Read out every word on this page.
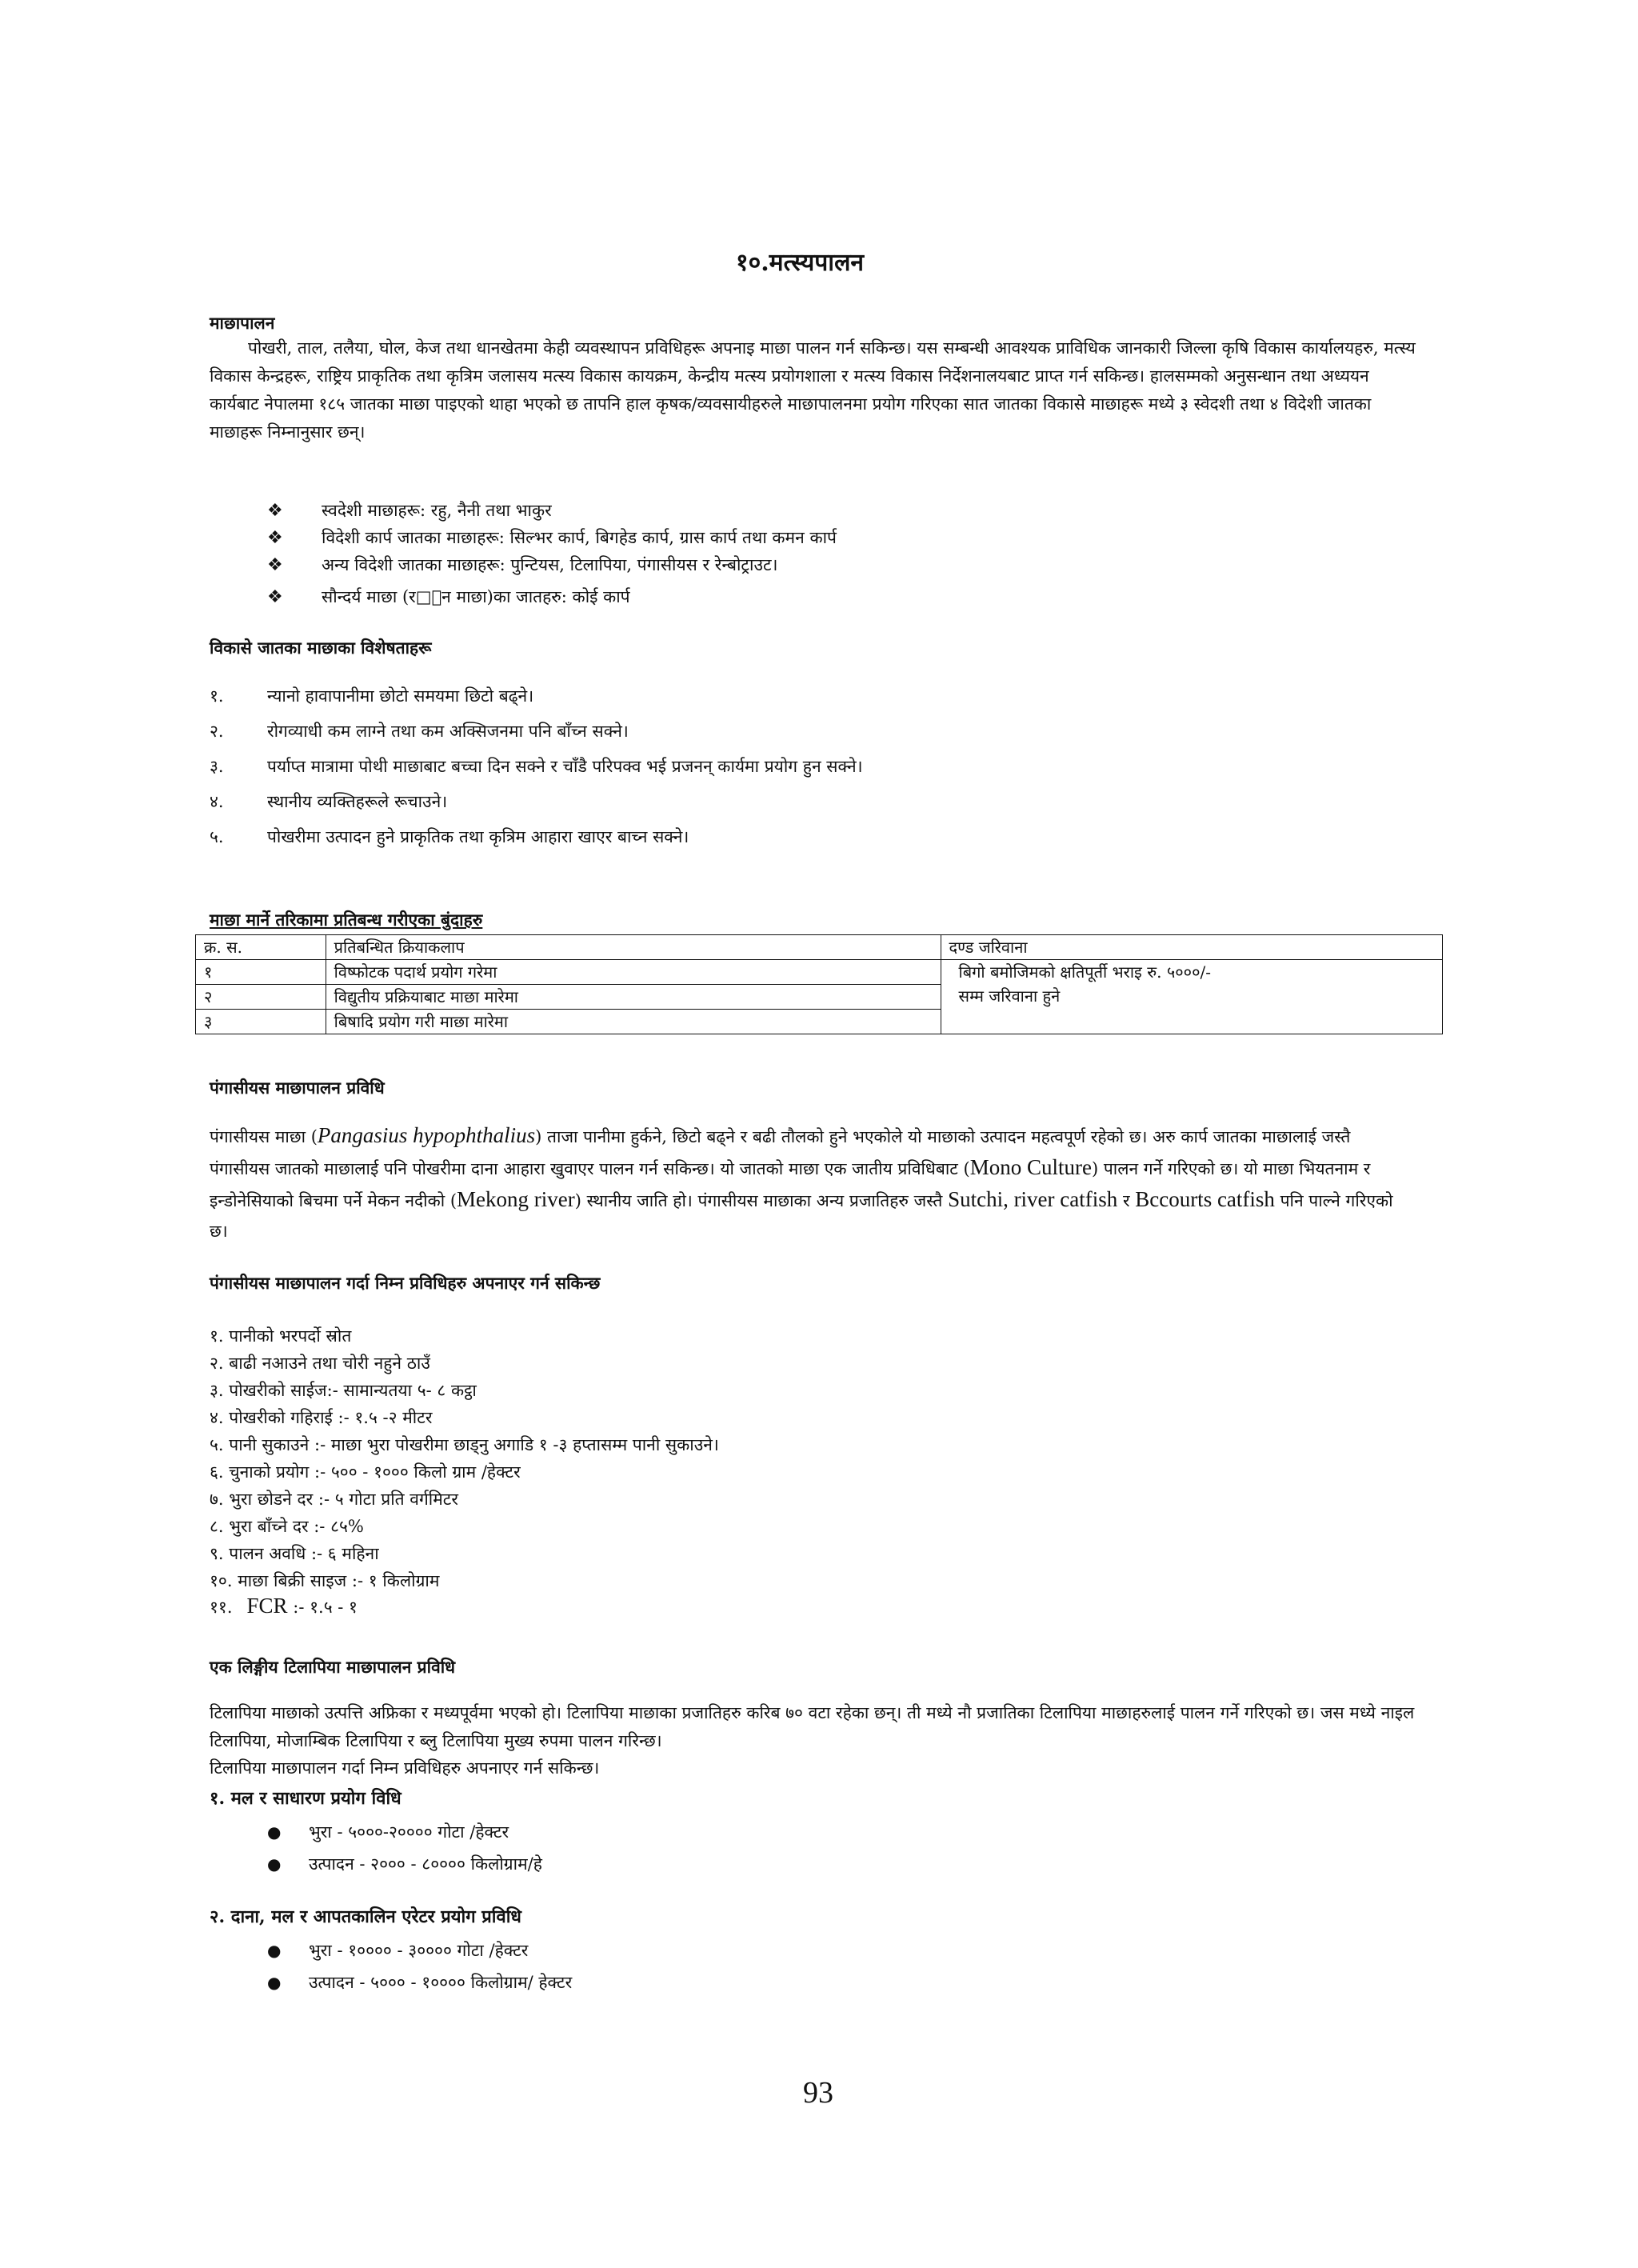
१०.मत्स्यपालन
माछापालन
पोखरी, ताल, तलैया, घोल, केज तथा धानखेतमा केही व्यवस्थापन प्रविधिहरू अपनाइ माछा पालन गर्न सकिन्छ। यस सम्बन्धी आवश्यक प्राविधिक जानकारी जिल्ला कृषि विकास कार्यालयहरु, मत्स्य विकास केन्द्रहरू, राष्ट्रिय प्राकृतिक तथा कृत्रिम जलासय मत्स्य विकास कायक्रम, केन्द्रीय मत्स्य प्रयोगशाला र मत्स्य विकास निर्देशनालयबाट प्राप्त गर्न सकिन्छ। हालसम्मको अनुसन्धान तथा अध्ययन कार्यबाट नेपालमा १८५ जातका माछा पाइएको थाहा भएको छ तापनि हाल कृषक/व्यवसायीहरुले माछापालनमा प्रयोग गरिएका सात जातका विकासे माछाहरू मध्ये ३ स्वेदशी तथा ४ विदेशी जातका माछाहरू निम्नानुसार छन्।
❖ स्वदेशी माछाहरू: रहु, नैनी तथा भाकुर
❖ विदेशी कार्प जातका माछाहरू: सिल्भर कार्प, बिगहेड कार्प, ग्रास कार्प तथा कमन कार्प
❖ अन्य विदेशी जातका माछाहरू: पुन्टियस, टिलापिया, पंगासीयस र रेन्बोट्राउट।
❖ सौन्दर्य माछा (र□िन माछा)का जातहरु: कोई कार्प
विकासे जातका माछाका विशेषताहरू
१.	न्यानो हावापानीमा छोटो समयमा छिटो बढ्ने।
२.	रोगव्याधी कम लाग्ने तथा कम अक्सिजनमा पनि बाँच्न सक्ने।
३.	पर्याप्त मात्रामा पोथी माछाबाट बच्चा दिन सक्ने र चाँडै परिपक्व भई प्रजनन् कार्यमा प्रयोग हुन सक्ने।
४.	स्थानीय व्यक्तिहरूले रूचाउने।
५.	पोखरीमा उत्पादन हुने प्राकृतिक तथा कृत्रिम आहारा खाएर बाच्न सक्ने।
माछा मार्ने तरिकामा प्रतिबन्ध गरीएका बुंदाहरु
क्र. स.	प्रतिबन्धित क्रियाकलाप	दण्ड जरिवाना
१	विष्फोटक पदार्थ प्रयोग गरेमा	बिगो बमोजिमको क्षतिपूर्ती भराइ रु. ५०००/-
सम्म जरिवाना हुने

२	विद्युतीय प्रक्रियाबाट माछा मारेमा	
३	बिषादि प्रयोग गरी माछा मारेमा	
पंगासीयस माछापालन प्रविधि
पंगासीयस माछा (Pangasius hypophthalius) ताजा पानीमा हुर्कने, छिटो बढ्ने र बढी तौलको हुने भएकोले यो माछाको उत्पादन महत्वपूर्ण रहेको छ। अरु कार्प जातका माछालाई जस्तै पंगासीयस जातको माछालाई पनि पोखरीमा दाना आहारा खुवाएर पालन गर्न सकिन्छ। यो जातको माछा एक जातीय प्रविधिबाट (Mono Culture) पालन गर्ने गरिएको छ। यो माछा भियतनाम र इन्डोनेसियाको बिचमा पर्ने मेकन नदीको (Mekong river) स्थानीय जाति हो। पंगासीयस माछाका अन्य प्रजातिहरु जस्तै Sutchi, river catfish र Bccourts catfish पनि पाल्ने गरिएको छ।
पंगासीयस माछापालन गर्दा निम्न प्रविधिहरु अपनाएर गर्न सकिन्छ
१. पानीको भरपर्दो स्रोत
२. बाढी नआउने तथा चोरी नहुने ठाउँ
३. पोखरीको साईज:- सामान्यतया ५- ८ कट्ठा
४. पोखरीको गहिराई :- १.५ -२ मीटर
५. पानी सुकाउने :- माछा भुरा पोखरीमा छाड्नु अगाडि १ -३ हप्तासम्म पानी सुकाउने।
६. चुनाको प्रयोग :- ५०० - १००० किलो ग्राम /हेक्टर
७. भुरा छोडने दर :- ५ गोटा प्रति वर्गमिटर
८. भुरा बाँच्ने दर :- ८५%
९. पालन अवधि :- ६ महिना
१०. माछा बिक्री साइज :- १ किलोग्राम
११. FCR :- १.५ - १
एक लिङ्गीय टिलापिया माछापालन प्रविधि
टिलापिया माछाको उत्पत्ति अफ्रिका र मध्यपूर्वमा भएको हो। टिलापिया माछाका प्रजातिहरु करिब ७० वटा रहेका छन्। ती मध्ये नौ प्रजातिका टिलापिया माछाहरुलाई पालन गर्ने गरिएको छ। जस मध्ये नाइल टिलापिया, मोजाम्बिक टिलापिया र ब्लु टिलापिया मुख्य रुपमा पालन गरिन्छ।
टिलापिया माछापालन गर्दा निम्न प्रविधिहरु अपनाएर गर्न सकिन्छ।
१. मल र साधारण प्रयोग विधि
● भुरा - ५०००-२०००० गोटा /हेक्टर
● उत्पादन - २००० - ८०००० किलोग्राम/हे
२. दाना, मल र आपतकालिन एरेटर प्रयोग प्रविधि
● भुरा - १०००० - ३०००० गोटा /हेक्टर
● उत्पादन - ५००० - १०००० किलोग्राम/ हेक्टर
93
